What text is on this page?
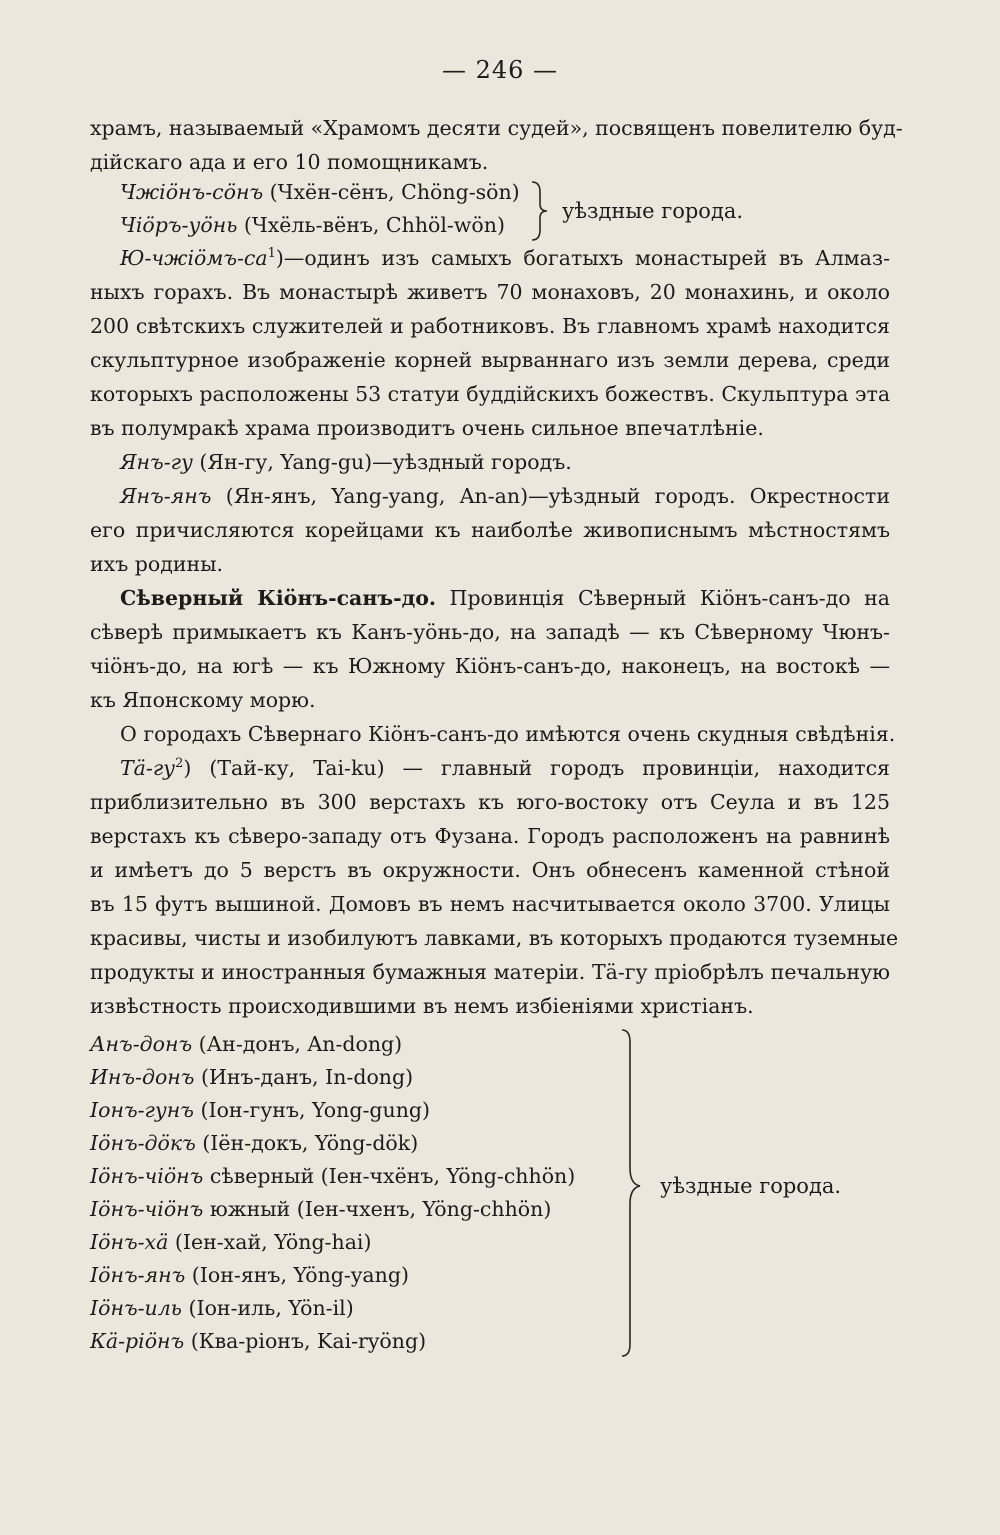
— 246 —
храмъ, называемый «Храмомъ десяти судей», посвященъ повелителю буд-
дійскаго ада и его 10 помощникамъ.
Чжiöнъ-сöнъ (Чхён-сёнъ, Chöng-sön)
Чiöръ-уöнь (Чхёль-вёнъ, Chhöl-wön)
уѣздные города.
$Ю-чжiöмъ-са^1)—одинъ$ изъ самыхъ богатыхъ монастырей въ Алмаз-
ныхъ горахъ. Въ монастырѣ живетъ 70 монаховъ, 20 монахинь, и около
200 свѣтскихъ служителей и работниковъ. Въ главномъ храмѣ находится
скульптурное изображенiе корней вырваннаго изъ земли дерева, среди
которыхъ расположены 53 статуи буддiйскихъ божествъ. Скульптура эта
въ полумракѣ храма производитъ очень сильное впечатлѣнiе.
Янъ-гу (Ян-гу, Yang-gu)—уѣздный городъ.
Янъ-янъ (Ян-янъ, Yang-yang, An-an)—уѣздный городъ. Окрестности
его причисляются корейцами къ наиболѣе живописнымъ мѣстностямъ
ихъ родины.
Сѣверный Кiöнъ-санъ-до. Провинцiя Сѣверный Кiöнъ-санъ-до на
сѣверѣ примыкаетъ къ Канъ-уöнь-до, на западѣ — къ Сѣверному Чюнъ-
чiöнъ-до, на югѣ — къ Южному Кiöнъ-санъ-до, наконецъ, на востокѣ —
къ Японскому морю.
О городахъ Сѣвернаго Кiöнъ-санъ-до имѣются очень скудныя свѣдѣнiя.
$Тä-гу^2$) (Тай-ку, Tai-ku) — главный городъ провинцiи, находится
приблизительно въ 300 верстахъ къ юго-востоку отъ Сеула и въ 125
верстахъ къ сѣверо-западу отъ Фузана. Городъ расположенъ на равнинѣ
и имѣетъ до 5 верстъ въ окружности. Онъ обнесенъ каменной стѣной
въ 15 футъ вышиной. Домовъ въ немъ насчитывается около 3700. Улицы
красивы, чисты и изобилуютъ лавками, въ которыхъ продаются туземные
продукты и иностранныя бумажныя матерiи. Тä-гу прiобрѣлъ печальную
извѣстность происходившими въ немъ избiенiями христiанъ.
Анъ-донъ (Ан-донъ, An-dong)
Инъ-донъ (Инъ-данъ, In-dong)
Iонъ-гунъ (Iон-гунъ, Yong-gung)
Iöнъ-дöкъ (Iён-докъ, Yöng-dök)
Iöнъ-чiöнъ сѣверный (Iен-чхёнъ, Yöng-chhön)
Iöнъ-чiöнъ южный (Iен-чхенъ, Yöng-chhön)
Iöнъ-хä (Iен-хай, Yöng-hai)
Iöнъ-янъ (Iон-янъ, Yöng-yang)
Iöнъ-иль (Iон-иль, Yön-il)
Кä-рiöнъ (Ква-рiонъ, Kai-ryöng)
уѣздные города.
